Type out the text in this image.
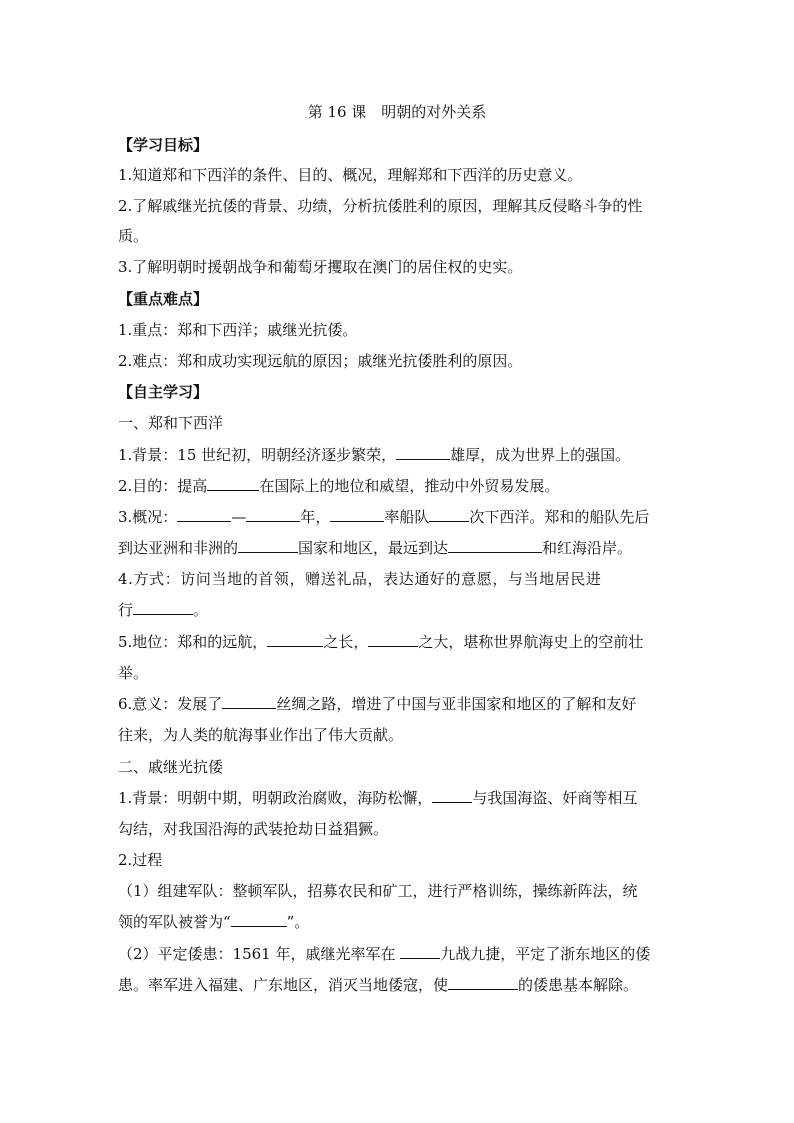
第 16 课　明朝的对外关系
【学习目标】
1.知道郑和下西洋的条件、目的、概况，理解郑和下西洋的历史意义。
2.了解戚继光抗倭的背景、功绩，分析抗倭胜利的原因，理解其反侵略斗争的性
质。
3.了解明朝时援朝战争和葡萄牙攫取在澳门的居住权的史实。
【重点难点】
1.重点：郑和下西洋；戚继光抗倭。
2.难点：郑和成功实现远航的原因；戚继光抗倭胜利的原因。
【自主学习】
一、郑和下西洋
1.背景：15 世纪初，明朝经济逐步繁荣，	雄厚，成为世界上的强国。
2.目的：提高	在国际上的地位和威望，推动中外贸易发展。
3.概况：	—	年，	率船队	次下西洋。郑和的船队先后
到达亚洲和非洲的	国家和地区，最远到达	和红海沿岸。
4.方式：访问当地的首领，赠送礼品，表达通好的意愿，与当地居民进
行	。
5.地位：郑和的远航，	之长，	之大，堪称世界航海史上的空前壮
举。
6.意义：发展了	丝绸之路，增进了中国与亚非国家和地区的了解和友好
往来，为人类的航海事业作出了伟大贡献。
二、戚继光抗倭
1.背景：明朝中期，明朝政治腐败，海防松懈，	与我国海盗、奸商等相互
勾结，对我国沿海的武装抢劫日益猖獗。
2.过程
（1）组建军队：整顿军队，招募农民和矿工，进行严格训练，操练新阵法，统
领的军队被誉为“	”。
（2）平定倭患：1561 年，戚继光率军在	九战九捷，平定了浙东地区的倭
患。率军进入福建、广东地区，消灭当地倭寇，使	的倭患基本解除。
